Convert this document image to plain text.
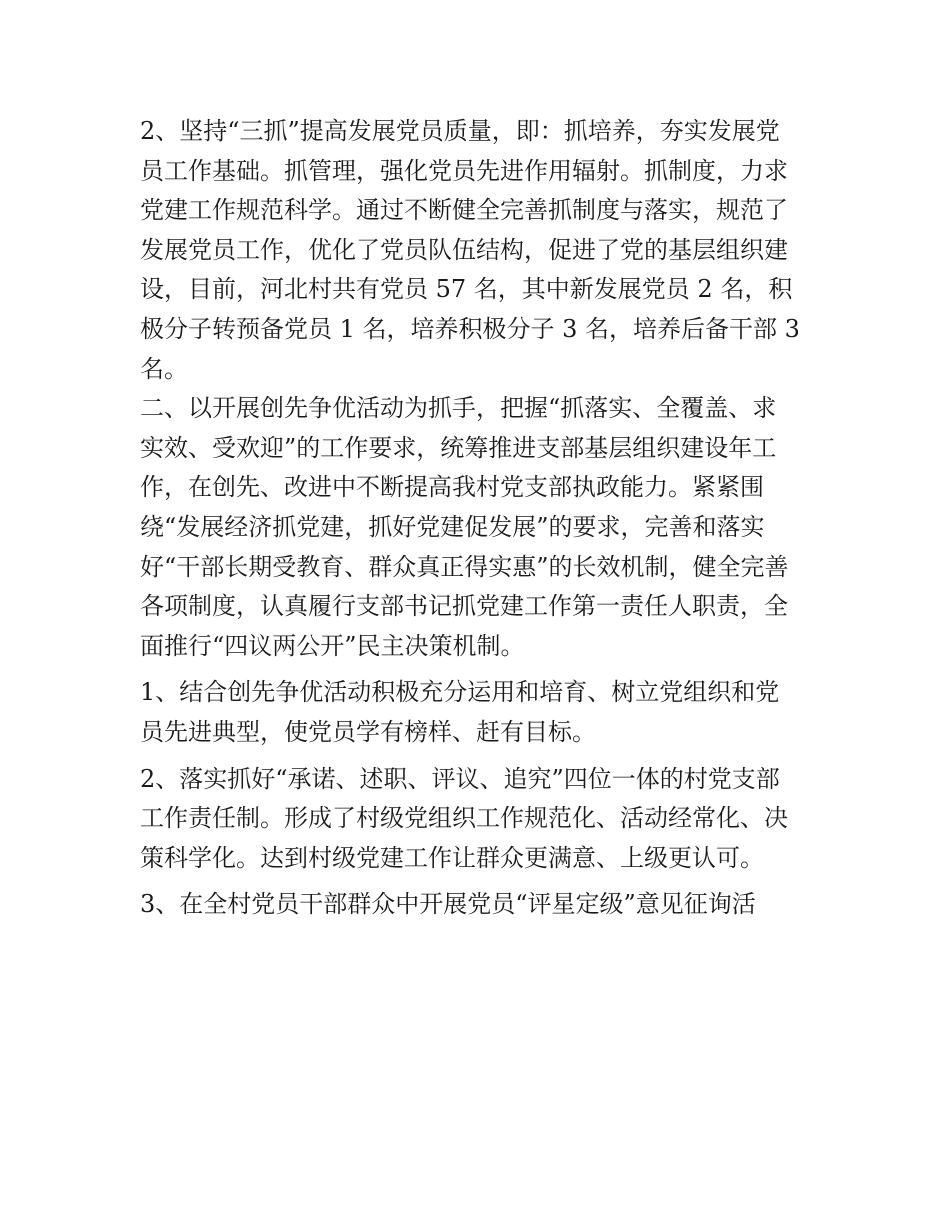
2、坚持“三抓”提高发展党员质量，即：抓培养，夯实发展党
员工作基础。抓管理，强化党员先进作用辐射。抓制度，力求
党建工作规范科学。通过不断健全完善抓制度与落实，规范了
发展党员工作，优化了党员队伍结构，促进了党的基层组织建
设，目前，河北村共有党员 57 名，其中新发展党员 2 名，积
极分子转预备党员 1 名，培养积极分子 3 名，培养后备干部 3
名。
二、以开展创先争优活动为抓手，把握“抓落实、全覆盖、求
实效、受欢迎”的工作要求，统筹推进支部基层组织建设年工
作，在创先、改进中不断提高我村党支部执政能力。紧紧围
绕“发展经济抓党建，抓好党建促发展”的要求，完善和落实
好“干部长期受教育、群众真正得实惠”的长效机制，健全完善
各项制度，认真履行支部书记抓党建工作第一责任人职责，全
面推行“四议两公开”民主决策机制。
1、结合创先争优活动积极充分运用和培育、树立党组织和党
员先进典型，使党员学有榜样、赶有目标。
2、落实抓好“承诺、述职、评议、追究”四位一体的村党支部
工作责任制。形成了村级党组织工作规范化、活动经常化、决
策科学化。达到村级党建工作让群众更满意、上级更认可。
3、在全村党员干部群众中开展党员“评星定级”意见征询活
